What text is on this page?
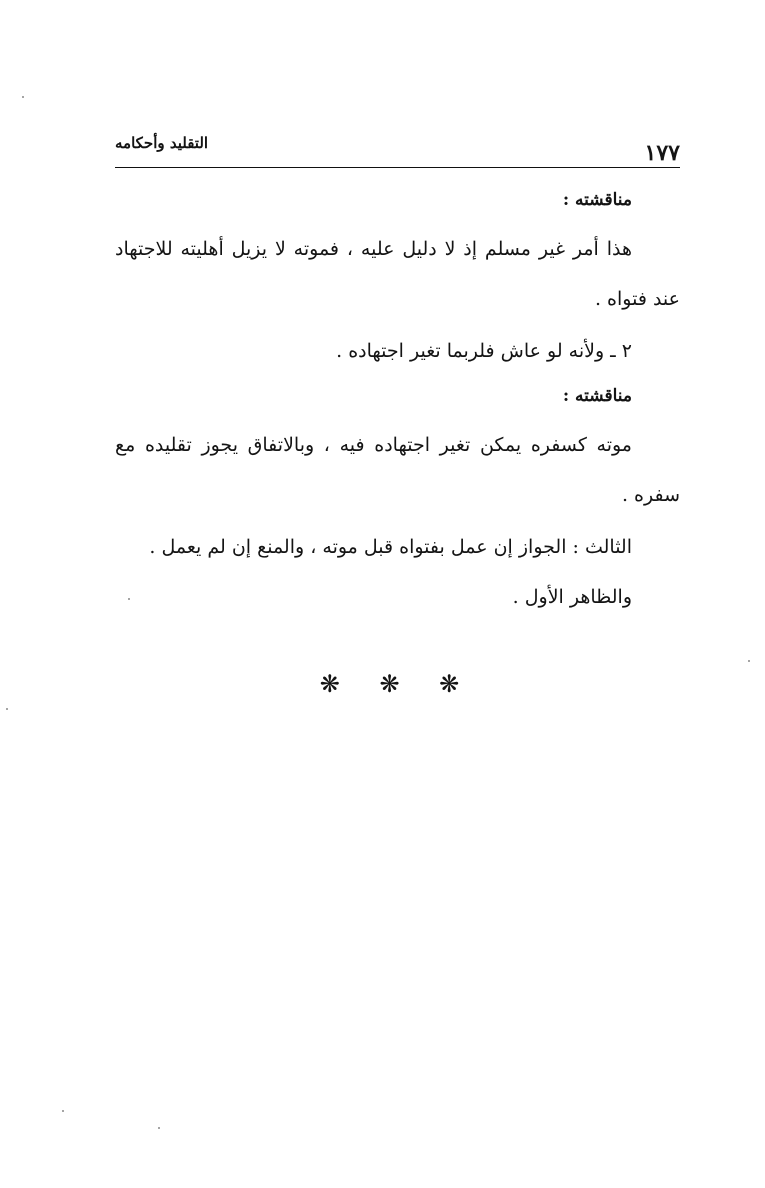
التقليد وأحكامه	١٧٧
مناقشته :

هذا أمر غير مسلم إذ لا دليل عليه ، فموته لا يزيل أهليته للاجتهاد عند فتواه .

٢ ـ ولأنه لو عاش فلربما تغير اجتهاده .
مناقشته :

موته كسفره يمكن تغير اجتهاده فيه ، وبالاتفاق يجوز تقليده مع سفره .

الثالث : الجواز إن عمل بفتواه قبل موته ، والمنع إن لم يعمل .
والظاهر الأول .
❋ ❋ ❋
